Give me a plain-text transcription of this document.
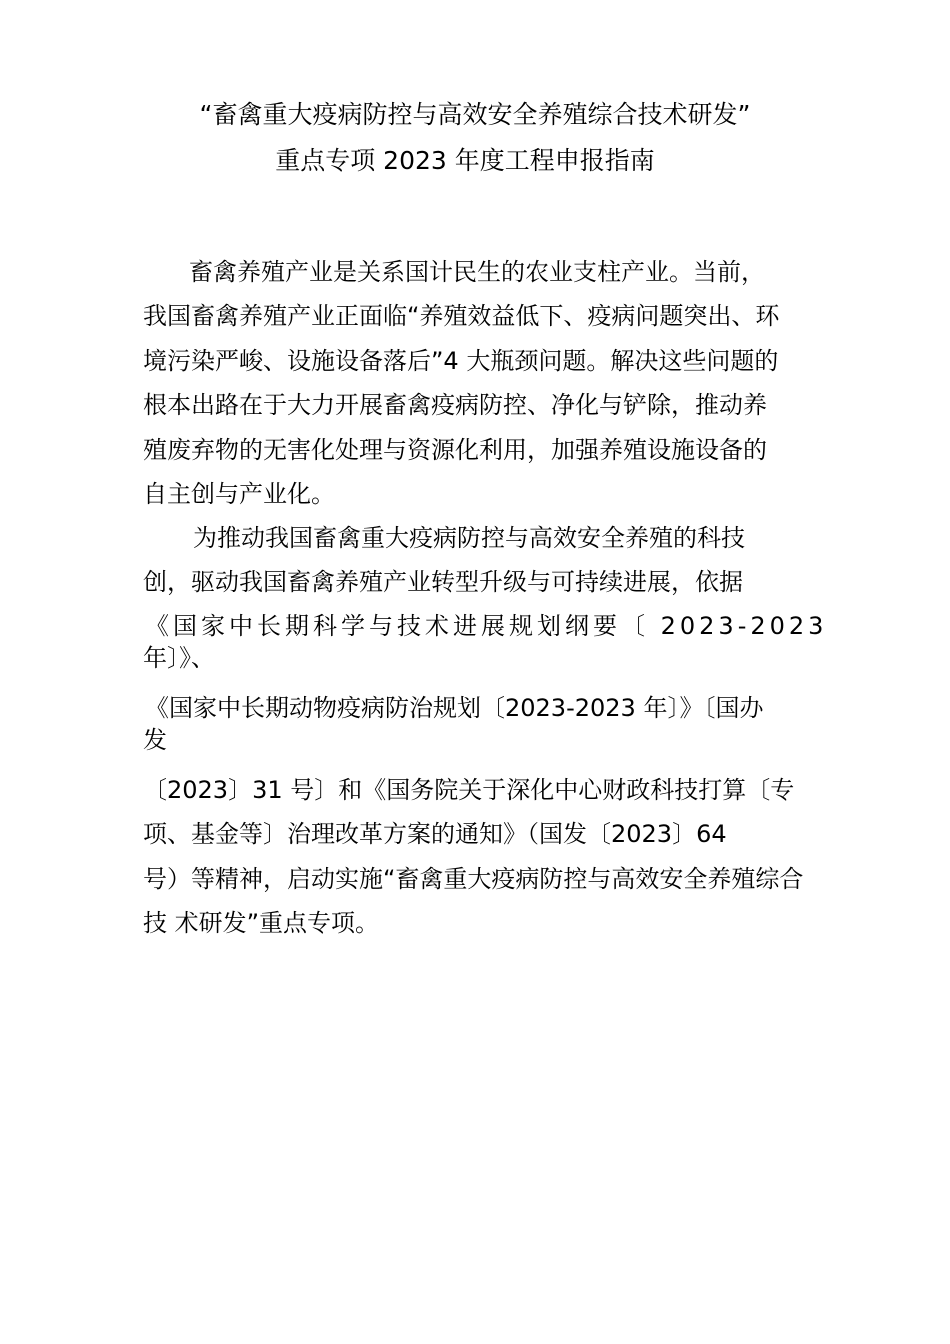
“畜禽重大疫病防控与高效安全养殖综合技术研发”
重点专项 2023 年度工程申报指南
畜禽养殖产业是关系国计民生的农业支柱产业。当前，
我国畜禽养殖产业正面临“养殖效益低下、疫病问题突出、环
境污染严峻、设施设备落后”4 大瓶颈问题。解决这些问题的
根本出路在于大力开展畜禽疫病防控、净化与铲除，推动养
殖废弃物的无害化处理与资源化利用，加强养殖设施设备的
自主创与产业化。
为推动我国畜禽重大疫病防控与高效安全养殖的科技
创，驱动我国畜禽养殖产业转型升级与可持续进展，依据
《国家中长期科学与技术进展规划纲要〔 2023-2023
年〕》、
《国家中长期动物疫病防治规划〔2023-2023 年〕》〔国办
发
〔2023〕31 号〕和《国务院关于深化中心财政科技打算〔专
项、基金等〕治理改革方案的通知》（国发〔2023〕64
号）等精神，启动实施“畜禽重大疫病防控与高效安全养殖综合
技 术研发”重点专项。
